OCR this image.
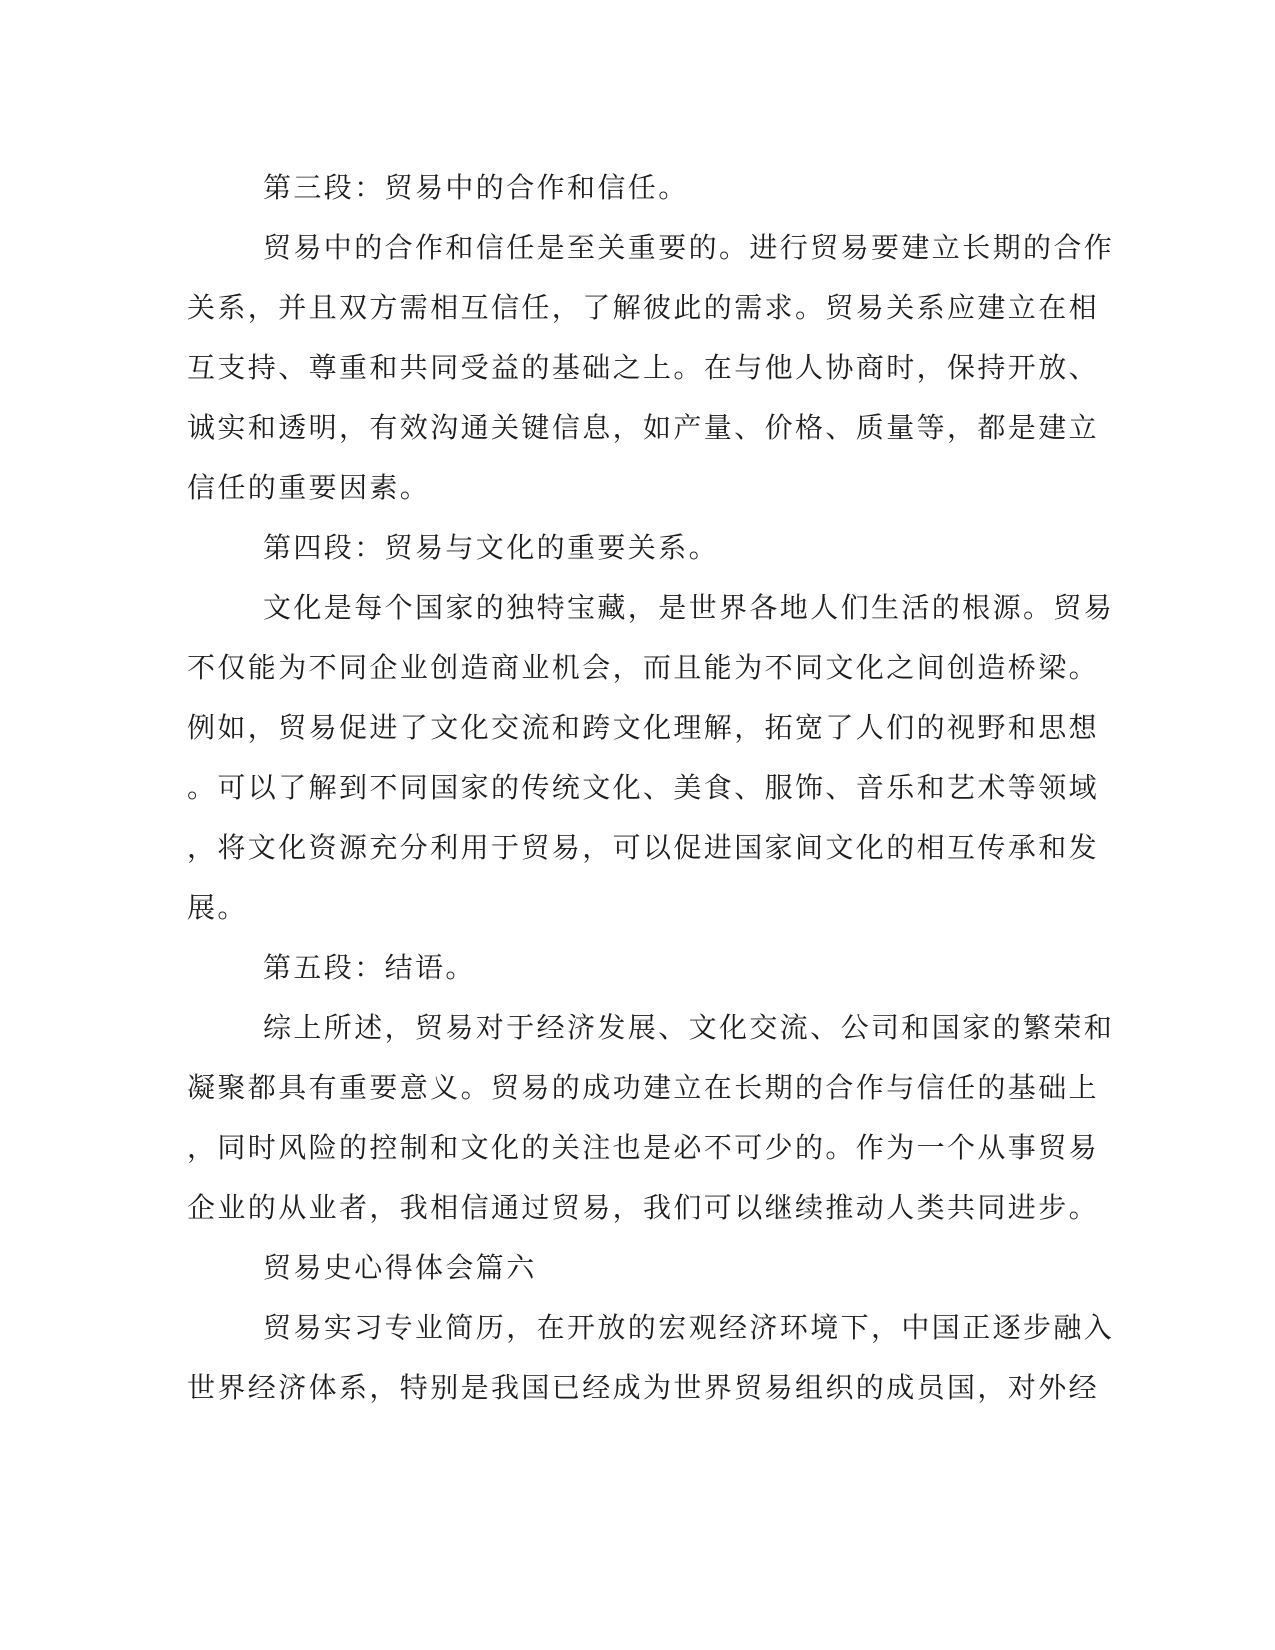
第三段：贸易中的合作和信任。

贸易中的合作和信任是至关重要的。进行贸易要建立长期的合作
关系，并且双方需相互信任，了解彼此的需求。贸易关系应建立在相
互支持、尊重和共同受益的基础之上。在与他人协商时，保持开放、
诚实和透明，有效沟通关键信息，如产量、价格、质量等，都是建立
信任的重要因素。

第四段：贸易与文化的重要关系。

文化是每个国家的独特宝藏，是世界各地人们生活的根源。贸易
不仅能为不同企业创造商业机会，而且能为不同文化之间创造桥梁。
例如，贸易促进了文化交流和跨文化理解，拓宽了人们的视野和思想
。可以了解到不同国家的传统文化、美食、服饰、音乐和艺术等领域
，将文化资源充分利用于贸易，可以促进国家间文化的相互传承和发
展。

第五段：结语。

综上所述，贸易对于经济发展、文化交流、公司和国家的繁荣和
凝聚都具有重要意义。贸易的成功建立在长期的合作与信任的基础上
，同时风险的控制和文化的关注也是必不可少的。作为一个从事贸易
企业的从业者，我相信通过贸易，我们可以继续推动人类共同进步。

贸易史心得体会篇六

贸易实习专业简历，在开放的宏观经济环境下，中国正逐步融入
世界经济体系，特别是我国已经成为世界贸易组织的成员国，对外经
